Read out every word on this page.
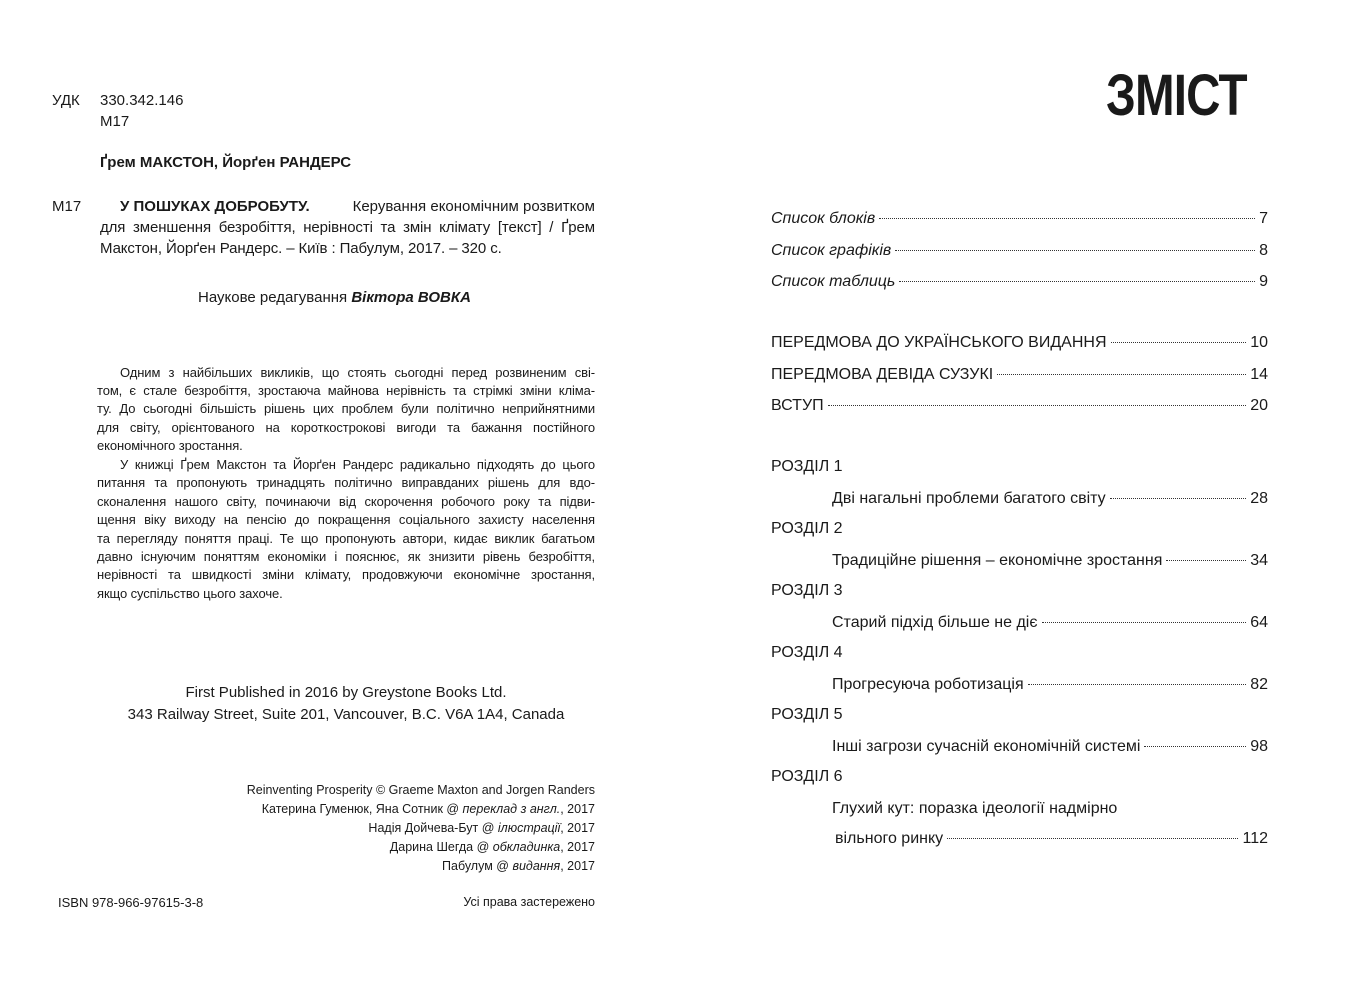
УДК 330.342.146
М17
Ґрем МАКСТОН, Йорґен РАНДЕРС
М17	У ПОШУКАХ ДОБРОБУТУ.	Керування економічним розвитком
для зменшення безробіття, нерівності та змін клімату [текст] / Ґрем
Макстон, Йорґен Рандерс. – Київ : Пабулум, 2017. – 320 с.
Наукове редагування Віктора ВОВКА
Одним з найбільших викликів, що стоять сьогодні перед розвиненим сві-
том, є стале безробіття, зростаюча майнова нерівність та стрімкі зміни кліма-
ту. До сьогодні більшість рішень цих проблем були політично неприйнятними
для світу, орієнтованого на короткострокові вигоди та бажання постійного
економічного зростання.
У книжці Ґрем Макстон та Йорґен Рандерс радикально підходять до цього
питання та пропонують тринадцять політично виправданих рішень для вдо-
сконалення нашого світу, починаючи від скорочення робочого року та підви-
щення віку виходу на пенсію до покращення соціального захисту населення
та перегляду поняття праці. Те що пропонують автори, кидає виклик багатьом
давно існуючим поняттям економіки і пояснює, як знизити рівень безробіття,
нерівності та швидкості зміни клімату, продовжуючи економічне зростання,
якщо суспільство цього захоче.
First Published in 2016 by Greystone Books Ltd.
343 Railway Street, Suite 201, Vancouver, B.C. V6A 1A4, Canada
Reinventing Prosperity © Graeme Maxton and Jorgen Randers
Катерина Гуменюк, Яна Сотник @ переклад з англ., 2017
Надія Дойчева-Бут @ ілюстрації, 2017
Дарина Шегда @ обкладинка, 2017
Пабулум @ видання, 2017
ISBN 978-966-97615-3-8	Усі права застережено
ЗМІСТ
Список блоків	7
Список графіків	8
Список таблиць	9
ПЕРЕДМОВА ДО УКРАЇНСЬКОГО ВИДАННЯ	10
ПЕРЕДМОВА ДЕВІДА СУЗУКІ	14
ВСТУП	20
РОЗДІЛ 1
Дві нагальні проблеми багатого світу	28
РОЗДІЛ 2
Традиційне рішення – економічне зростання	34
РОЗДІЛ 3
Старий підхід більше не діє	64
РОЗДІЛ 4
Прогресуюча роботизація	82
РОЗДІЛ 5
Інші загрози сучасній економічній системі	98
РОЗДІЛ 6
Глухий кут: поразка ідеології надмірно
вільного ринку	112
